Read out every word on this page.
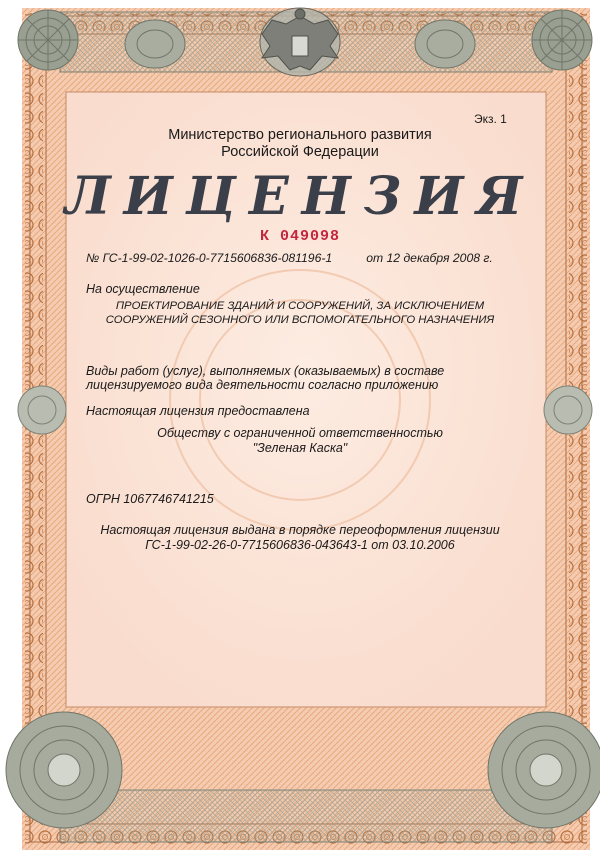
Экз. 1
Министерство регионального развития
Российской Федерации
ЛИЦЕНЗИЯ
К 049098
№ ГС-1-99-02-1026-0-7715606836-081196-1	от 12 декабря 2008 г.
На осуществление
ПРОЕКТИРОВАНИЕ ЗДАНИЙ И СООРУЖЕНИЙ, ЗА ИСКЛЮЧЕНИЕМ
СООРУЖЕНИЙ СЕЗОННОГО ИЛИ ВСПОМОГАТЕЛЬНОГО НАЗНАЧЕНИЯ
Виды работ (услуг), выполняемых (оказываемых) в составе
лицензируемого вида деятельности согласно приложению
Настоящая лицензия предоставлена
Обществу с ограниченной ответственностью
"Зеленая Каска"
ОГРН 1067746741215
Настоящая лицензия выдана в порядке переоформления лицензии
ГС-1-99-02-26-0-7715606836-043643-1 от 03.10.2006
